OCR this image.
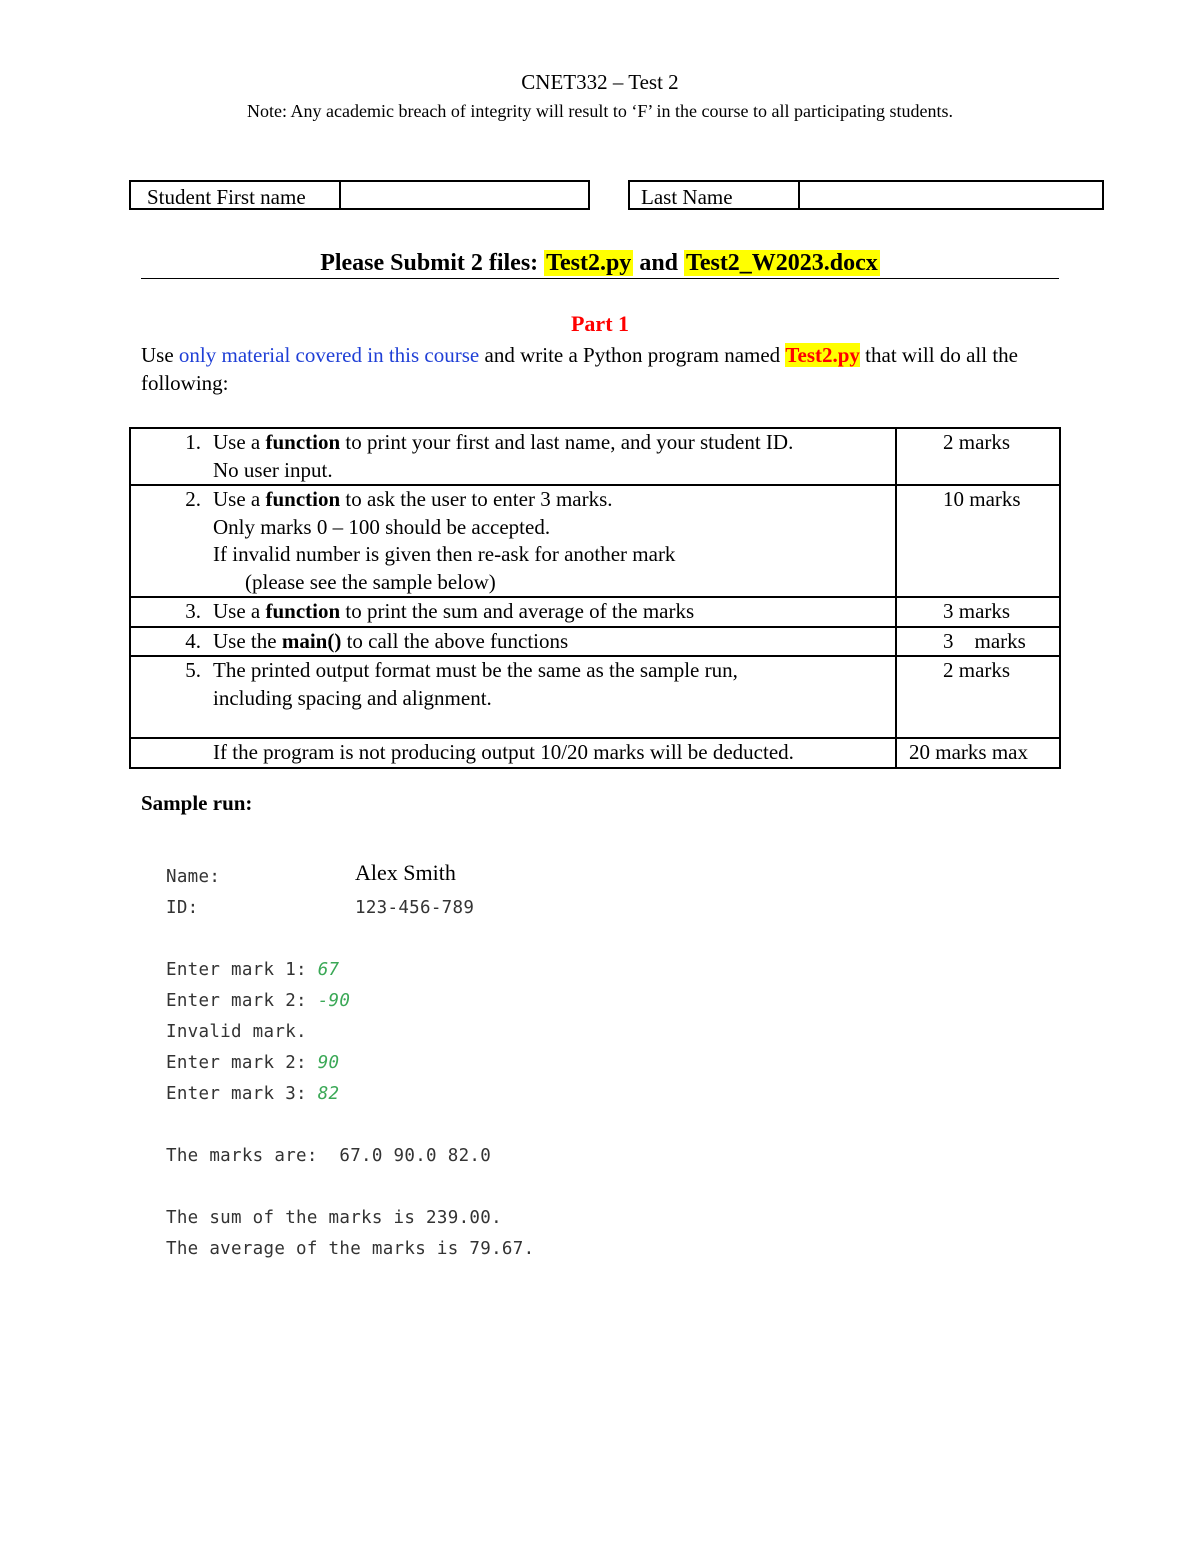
CNET332 – Test 2
Note: Any academic breach of integrity will result to ‘F’ in the course to all participating students.
Student First name	Last Name
Please Submit 2 files: Test2.py and Test2_W2023.docx
Part 1
Use only material covered in this course and write a Python program named Test2.py that will do all the following:
1. Use a function to print your first and last name, and your student ID.
No user input.	2 marks

2. Use a function to ask the user to enter 3 marks.
Only marks 0 – 100 should be accepted.
If invalid number is given then re-ask for another mark
(please see the sample below)	10 marks

3. Use a function to print the sum and average of the marks	3 marks

4. Use the main() to call the above functions	3    marks

5. The printed output format must be the same as the sample run,
including spacing and alignment.	2 marks

If the program is not producing output 10/20 marks will be deducted.	20 marks max
Sample run:
Name:	Alex Smith
ID:	123-456-789
Enter mark 1: 67
Enter mark 2: -90
Invalid mark.
Enter mark 2: 90
Enter mark 3: 82
The marks are:  67.0 90.0 82.0
The sum of the marks is 239.00.
The average of the marks is 79.67.
